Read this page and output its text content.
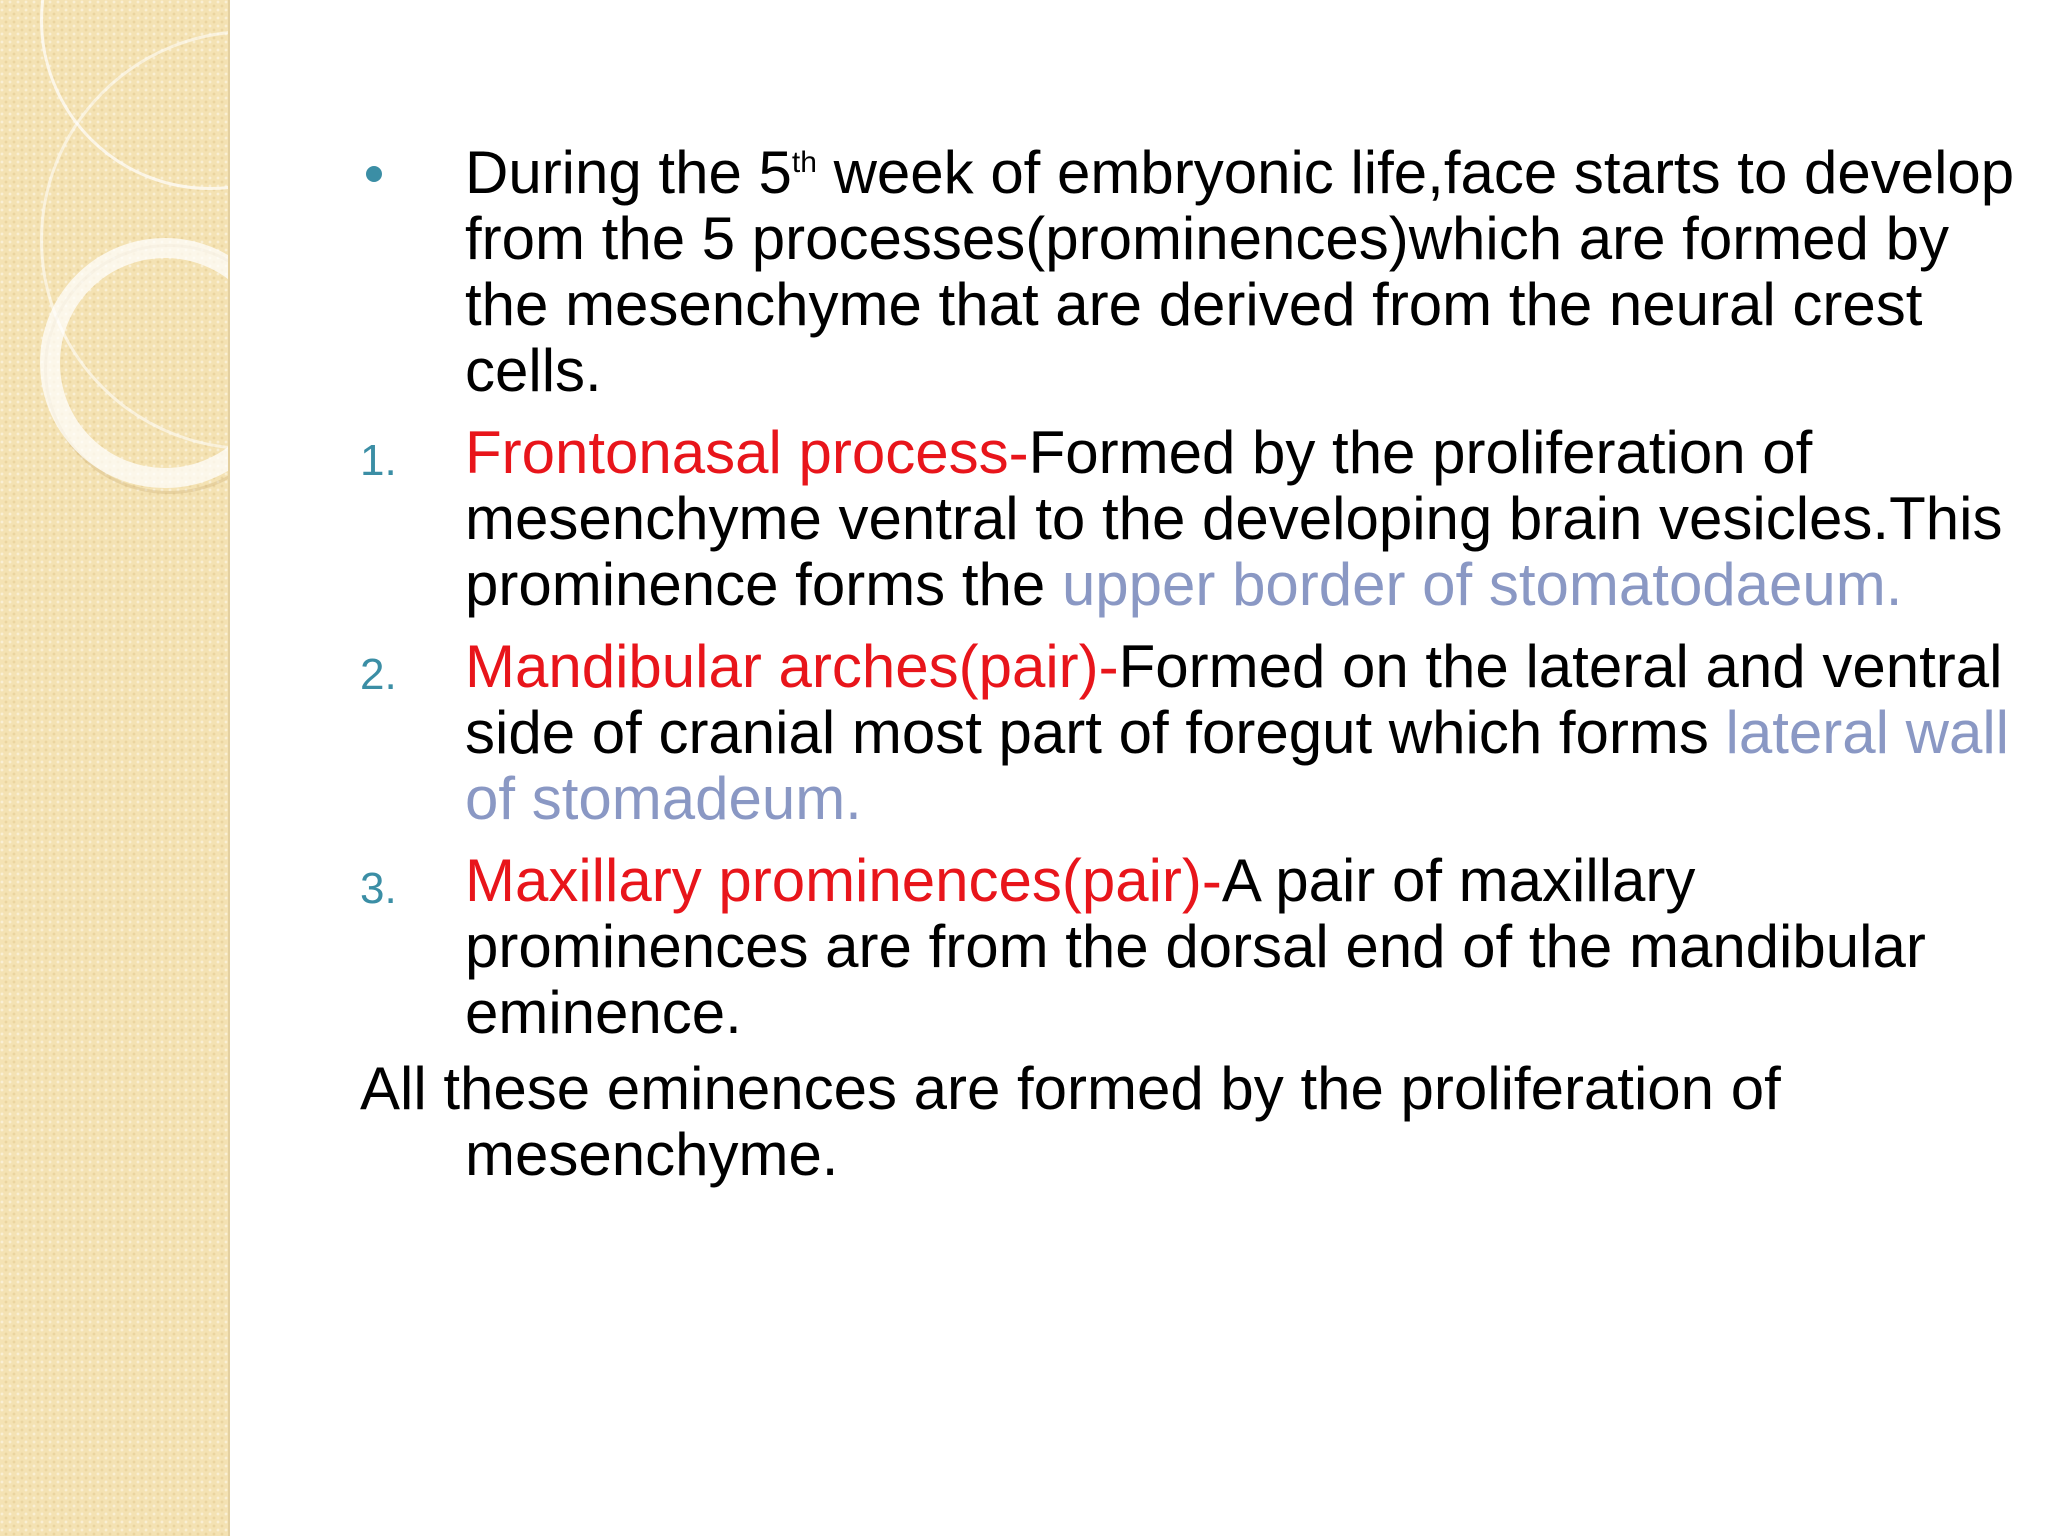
During the 5th week of embryonic life,face starts to develop from the 5 processes(prominences)which are formed by the mesenchyme that are derived from the neural crest cells.
1. Frontonasal process-Formed by the proliferation of mesenchyme ventral to the developing brain vesicles.This prominence forms the upper border of stomatodaeum.
2. Mandibular arches(pair)-Formed on the lateral and ventral side of cranial most part of foregut which forms lateral wall of stomadeum.
3. Maxillary prominences(pair)-A pair of maxillary prominences are from the dorsal end of the mandibular eminence.
All these eminences are formed by the proliferation of mesenchyme.
